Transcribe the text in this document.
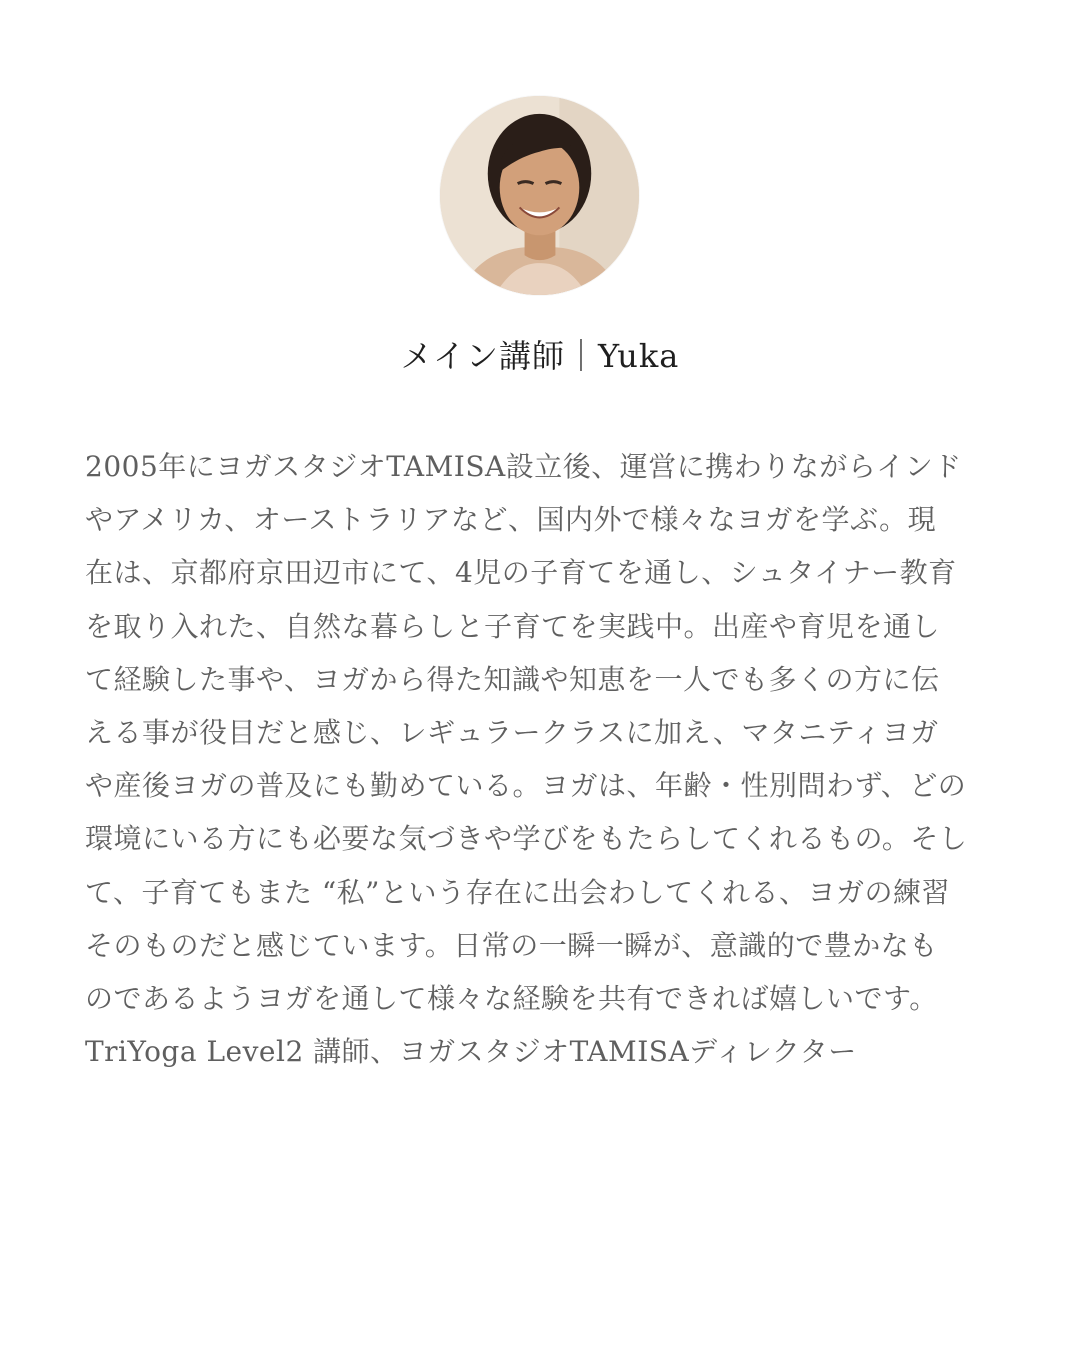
メイン講師｜Yuka
2005年にヨガスタジオTAMISA設立後、運営に携わりながらインド
やアメリカ、オーストラリアなど、国内外で様々なヨガを学ぶ。現
在は、京都府京田辺市にて、4児の子育てを通し、シュタイナー教育
を取り入れた、自然な暮らしと子育てを実践中。出産や育児を通し
て経験した事や、ヨガから得た知識や知恵を一人でも多くの方に伝
える事が役目だと感じ、レギュラークラスに加え、マタニティヨガ
や産後ヨガの普及にも勤めている。ヨガは、年齢・性別問わず、どの
環境にいる方にも必要な気づきや学びをもたらしてくれるもの。そし
て、子育てもまた “私”という存在に出会わしてくれる、ヨガの練習
そのものだと感じています。日常の一瞬一瞬が、意識的で豊かなも
のであるようヨガを通して様々な経験を共有できれば嬉しいです。
TriYoga Level2 講師、ヨガスタジオTAMISAディレクター
